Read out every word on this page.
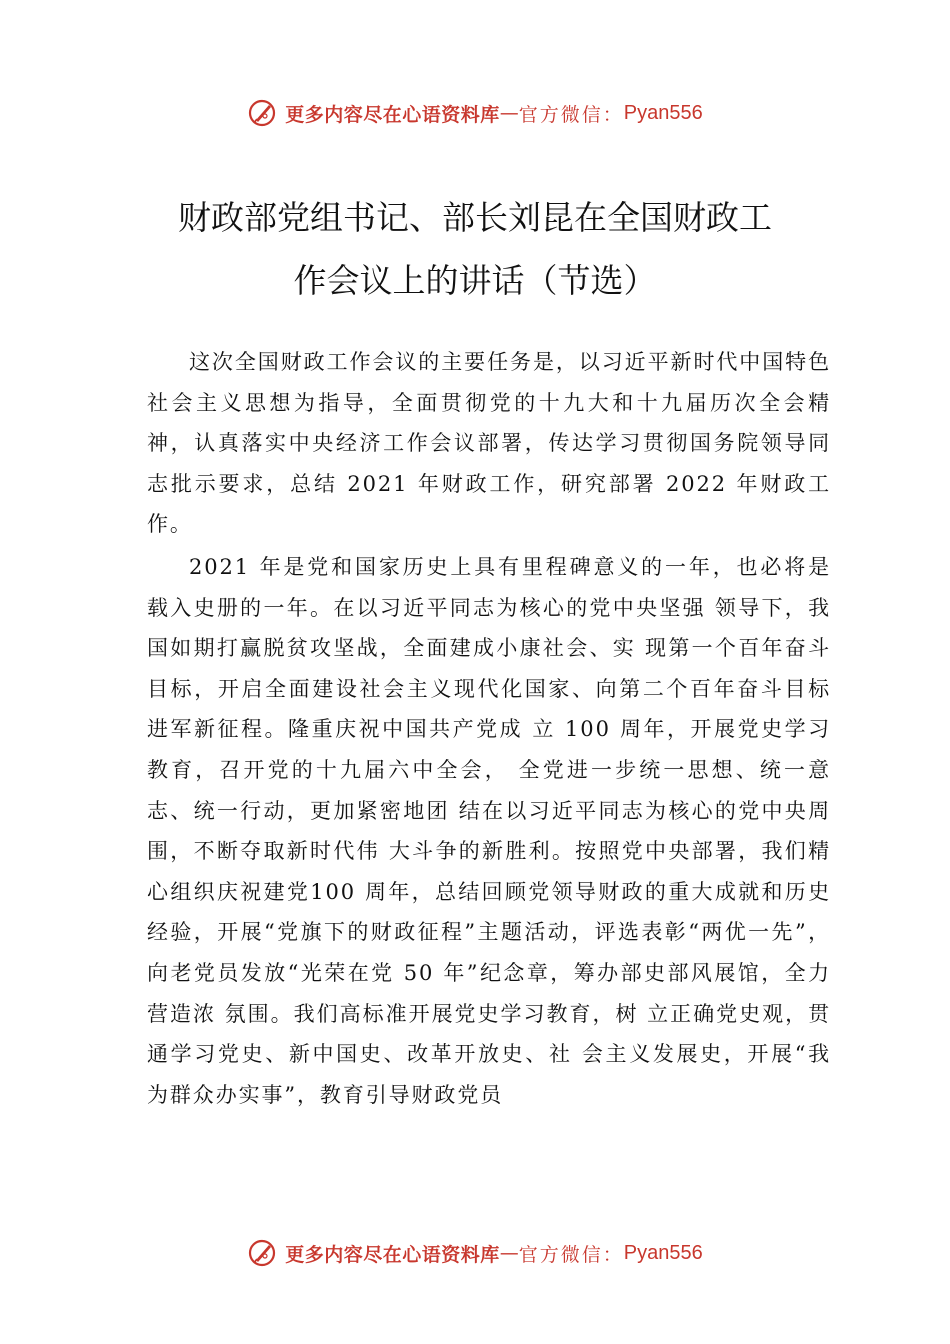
更多内容尽在心语资料库 — 官方微信： Pyan556
财政部党组书记、部长刘昆在全国财政工
作会议上的讲话（节选）

这次全国财政工作会议的主要任务是，以习近平新时代中国特色社会主义思想为指导，全面贯彻党的十九大和十九届历次全会精神，认真落实中央经济工作会议部署，传达学习贯彻国务院领导同志批示要求，总结 2021 年财政工作，研究部署 2022 年财政工作。

2021 年是党和国家历史上具有里程碑意义的一年，也必将是载入史册的一年。在以习近平同志为核心的党中央坚强 领导下，我国如期打赢脱贫攻坚战，全面建成小康社会、实 现第一个百年奋斗目标，开启全面建设社会主义现代化国家、向第二个百年奋斗目标进军新征程。隆重庆祝中国共产党成 立 100 周年，开展党史学习教育，召开党的十九届六中全会， 全党进一步统一思想、统一意志、统一行动，更加紧密地团 结在以习近平同志为核心的党中央周围，不断夺取新时代伟 大斗争的新胜利。按照党中央部署，我们精心组织庆祝建党100 周年，总结回顾党领导财政的重大成就和历史经验，开展“党旗下的财政征程”主题活动，评选表彰“两优一先”， 向老党员发放“光荣在党 50 年”纪念章，筹办部史部风展馆，全力营造浓 氛围。我们高标准开展党史学习教育，树 立正确党史观，贯通学习党史、新中国史、改革开放史、社 会主义发展史，开展“我为群众办实事”，教育引导财政党员

更多内容尽在心语资料库 — 官方微信： Pyan556
